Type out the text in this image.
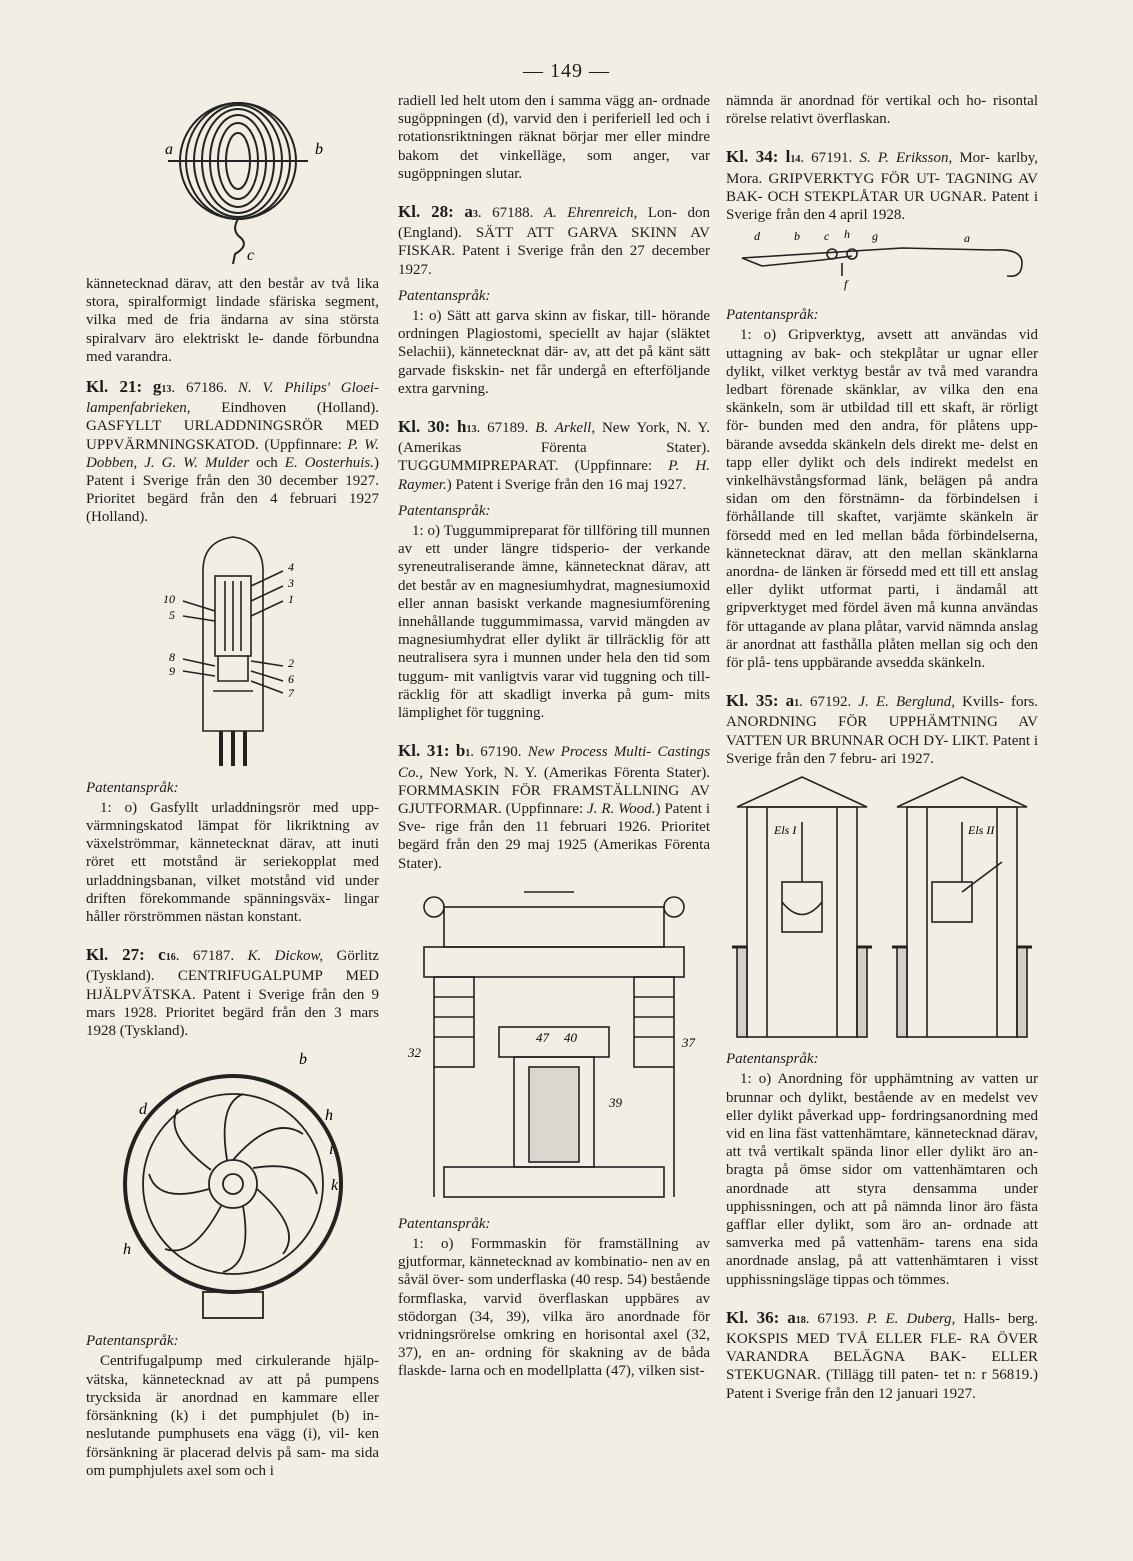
— 149 —
a	b
c

kännetecknad därav, att den består av två lika stora, spiralformigt lindade sfäriska segment, vilka med de fria ändarna av sina största spiralvarv äro elektriskt le- dande förbundna med varandra.

Kl. 21: g13. 67186. N. V. Philips' Gloei- lampenfabrieken, Eindhoven (Holland). GASFYLLT URLADDNINGSRÖR MED UPPVÄRMNINGSKATOD. (Uppfinnare: P. W. Dobben, J. G. W. Mulder och E. Oosterhuis.) Patent i Sverige från den 30 december 1927. Prioritet begärd från den 4 februari 1927 (Holland).

4
3
1
10
5
8
9
2
6
7

Patentanspråk:

1: o) Gasfyllt urladdningsrör med upp- värmningskatod lämpat för likriktning av växelströmmar, kännetecknat därav, att inuti röret ett motstånd är seriekopplat med urladdningsbanan, vilket motstånd vid under driften förekommande spänningsväx- lingar håller rörströmmen nästan konstant.

Kl. 27: c16. 67187. K. Dickow, Görlitz (Tyskland). CENTRIFUGALPUMP MED HJÄLPVÄTSKA. Patent i Sverige från den 9 mars 1928. Prioritet begärd från den 3 mars 1928 (Tyskland).

b
d	h
k
i
h

Patentanspråk:

Centrifugalpump med cirkulerande hjälp- vätska, kännetecknad av att på pumpens trycksida är anordnad en kammare eller försänkning (k) i det pumphjulet (b) in- neslutande pumphusets ena vägg (i), vil- ken försänkning är placerad delvis på sam- ma sida om pumphjulets axel som och i

radiell led helt utom den i samma vägg an- ordnade sugöppningen (d), varvid den i periferiell led och i rotationsriktningen räknat börjar mer eller mindre bakom det vinkelläge, som anger, var sugöppningen slutar.

Kl. 28: a3. 67188. A. Ehrenreich, Lon- don (England). SÄTT ATT GARVA SKINN AV FISKAR. Patent i Sverige från den 27 december 1927.

Patentanspråk:

1: o) Sätt att garva skinn av fiskar, till- hörande ordningen Plagiostomi, speciellt av hajar (släktet Selachii), kännetecknat där- av, att det på känt sätt garvade fiskskin- net får undergå en efterföljande extra garvning.

Kl. 30: h13. 67189. B. Arkell, New York, N. Y. (Amerikas Förenta Stater). TUGGUMMIPREPARAT. (Uppfinnare: P. H. Raymer.) Patent i Sverige från den 16 maj 1927.

Patentanspråk:

1: o) Tuggummipreparat för tillföring till munnen av ett under längre tidsperio- der verkande syreneutraliserande ämne, kännetecknat därav, att det består av en magnesiumhydrat, magnesiumoxid eller annan basiskt verkande magnesiumförening innehållande tuggummimassa, varvid mängden av magnesiumhydrat eller dylikt är tillräcklig för att neutralisera syra i munnen under hela den tid som tuggum- mit vanligtvis varar vid tuggning och till- räcklig för att skadligt inverka på gum- mits lämplighet för tuggning.

Kl. 31: b1. 67190. New Process Multi- Castings Co., New York, N. Y. (Amerikas Förenta Stater). FORMMASKIN FÖR FRAMSTÄLLNING AV GJUTFORMAR. (Uppfinnare: J. R. Wood.) Patent i Sve- rige från den 11 februari 1926. Prioritet begärd från den 29 maj 1925 (Amerikas Förenta Stater).

32
47 40	37
39

Patentanspråk:

1: o) Formmaskin för framställning av gjutformar, kännetecknad av kombinatio- nen av en såväl över- som underflaska (40 resp. 54) bestående formflaska, varvid överflaskan uppbäres av stödorgan (34, 39), vilka äro anordnade för vridningsrörelse omkring en horisontal axel (32, 37), en an- ordning för skakning av de båda flaskde- larna och en modellplatta (47), vilken sist-

nämnda är anordnad för vertikal och ho- risontal rörelse relativt överflaskan.

Kl. 34: l14. 67191. S. P. Eriksson, Mor- karlby, Mora. GRIPVERKTYG FÖR UT- TAGNING AV BAK- OCH STEKPLÅTAR UR UGNAR. Patent i Sverige från den 4 april 1928.

d	b c h g	a
f

Patentanspråk:

1: o) Gripverktyg, avsett att användas vid uttagning av bak- och stekplåtar ur ugnar eller dylikt, vilket verktyg består av två med varandra ledbart förenade skänklar, av vilka den ena skänkeln, som är utbildad till ett skaft, är rörligt för- bunden med den andra, för plåtens upp- bärande avsedda skänkeln dels direkt me- delst en tapp eller dylikt och dels indirekt medelst en vinkelhävstångsformad länk, belägen på andra sidan om den förstnämn- da förbindelsen i förhållande till skaftet, varjämte skänkeln är försedd med en led mellan båda förbindelserna, kännetecknat därav, att den mellan skänklarna anordna- de länken är försedd med ett till ett anslag eller dylikt utformat parti, i ändamål att gripverktyget med fördel även må kunna användas för uttagande av plana plåtar, varvid nämnda anslag är anordnat att fasthålla plåten mellan sig och den för plå- tens uppbärande avsedda skänkeln.

Kl. 35: a1. 67192. J. E. Berglund, Kvills- fors. ANORDNING FÖR UPPHÄMTNING AV VATTEN UR BRUNNAR OCH DY- LIKT. Patent i Sverige från den 7 febru- ari 1927.

Els I	Els II

Patentanspråk:

1: o) Anordning för upphämtning av vatten ur brunnar och dylikt, bestående av en medelst vev eller dylikt påverkad upp- fordringsanordning med vid en lina fäst vattenhämtare, kännetecknad därav, att två vertikalt spända linor eller dylikt äro an- bragta på ömse sidor om vattenhämtaren och anordnade att styra densamma under upphissningen, och att på nämnda linor äro fästa gafflar eller dylikt, som äro an- ordnade att samverka med på vattenhäm- tarens ena sida anordnade anslag, på att vattenhämtaren i visst upphissningsläge tippas och tömmes.

Kl. 36: a18. 67193. P. E. Duberg, Halls- berg. KOKSPIS MED TVÅ ELLER FLE- RA ÖVER VARANDRA BELÄGNA BAK- ELLER STEKUGNAR. (Tillägg till paten- tet n: r 56819.) Patent i Sverige från den 12 januari 1927.
